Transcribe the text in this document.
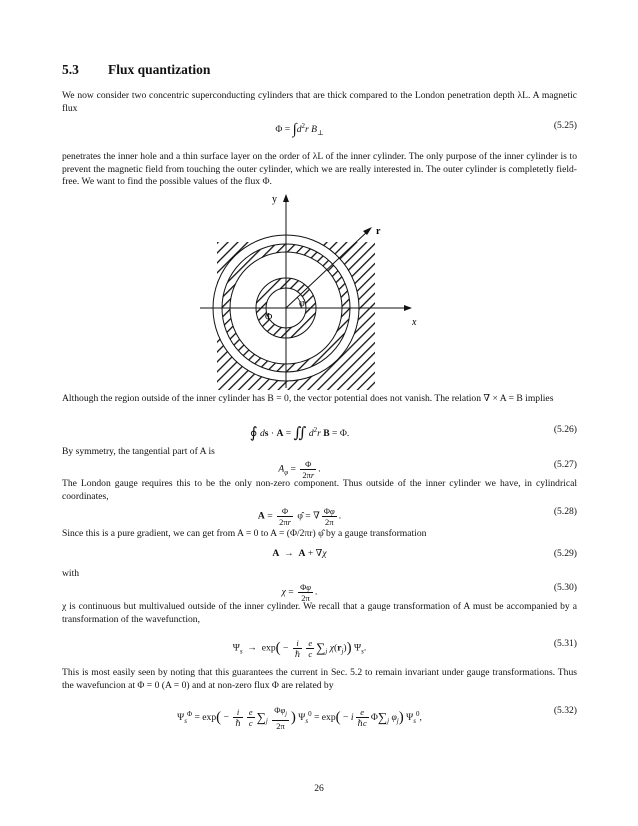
5.3 Flux quantization
We now consider two concentric superconducting cylinders that are thick compared to the London penetration depth λL. A magnetic flux
$\Phi = \int d^2r$ $B_\perp$
(5.25)
penetrates the inner hole and a thin surface layer on the order of λL of the inner cylinder. The only purpose of the inner cylinder is to prevent the magnetic field from touching the outer cylinder, which we are really interested in. The outer cylinder is completetly field-free. We want to find the possible values of the flux Φ.
y
x
r
φ
Φ
Although the region outside of the inner cylinder has B = 0, the vector potential does not vanish. The relation ∇ × A = B implies
∮ ds · A = ∬ $d^2r$ B = Φ.	(5.26)
By symmetry, the tangential part of A is
$A_\varphi = \frac{\Phi}{2\pi r}$ .	(5.27)
The London gauge requires this to be the only non-zero component. Thus outside of the inner cylinder we have, in cylindrical coordinates,
$A = \frac{\Phi}{2\pi r}$ φ̂ = ∇ $\frac{\Phi\varphi}{2\pi}$ .	(5.28)
Since this is a pure gradient, we can get from A = 0 to A = (Φ/2πr) φ̂ by a gauge transformation
A  →  A + ∇χ	(5.29)
with
$\chi = \frac{\Phi\varphi}{2\pi}$ .	(5.30)
χ is continuous but multivalued outside of the inner cylinder. We recall that a gauge transformation of A must be accompanied by a transformation of the wavefunction,
$\Psi_s \to \exp( - \frac{i}{\text{ℏ}} \frac{e}{c} \sum_j$ $\chi(r_j)$) $\Psi_s$.	(5.31)
This is most easily seen by noting that this guarantees the current in Sec. 5.2 to remain invariant under gauge transformations. Thus the wavefuncion at Φ = 0 (A = 0) and at non-zero flux Φ are related by
$\Psi_s^\Phi = \exp( - \frac{i}{\text{ℏ}} \frac{e}{c} \sum_j \frac{\Phi\varphi_j}{2\pi}$ ) $\Psi_s^0 = \exp( - i \frac{e}{\text{ℏc}} \Phi\sum_j$ $\varphi_j$) $\Psi_s^0$,
(5.32)
26
